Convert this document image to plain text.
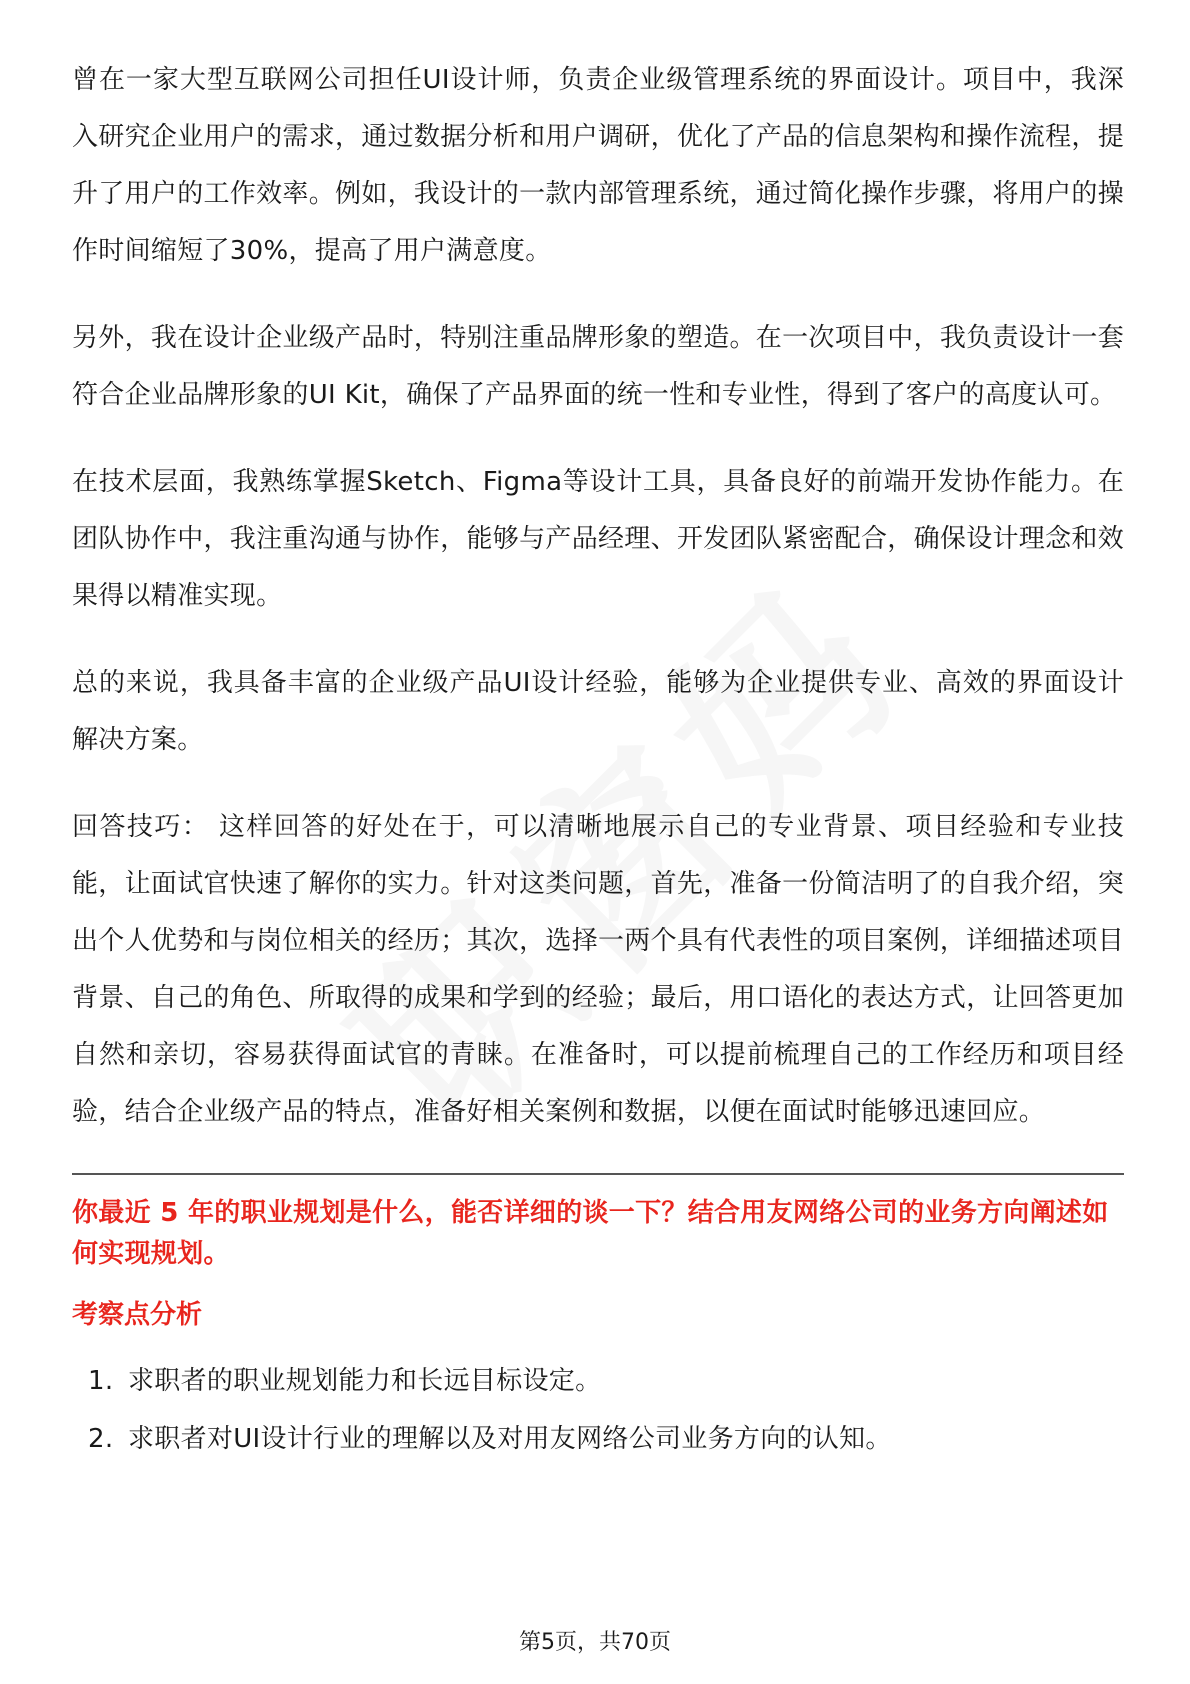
曾在一家大型互联网公司担任UI设计师，负责企业级管理系统的界面设计。项目中，我深入研究企业用户的需求，通过数据分析和用户调研，优化了产品的信息架构和操作流程，提升了用户的工作效率。例如，我设计的一款内部管理系统，通过简化操作步骤，将用户的操作时间缩短了30%，提高了用户满意度。

另外，我在设计企业级产品时，特别注重品牌形象的塑造。在一次项目中，我负责设计一套符合企业品牌形象的UI Kit，确保了产品界面的统一性和专业性，得到了客户的高度认可。

在技术层面，我熟练掌握Sketch、Figma等设计工具，具备良好的前端开发协作能力。在团队协作中，我注重沟通与协作，能够与产品经理、开发团队紧密配合，确保设计理念和效果得以精准实现。

总的来说，我具备丰富的企业级产品UI设计经验，能够为企业提供专业、高效的界面设计解决方案。

回答技巧： 这样回答的好处在于，可以清晰地展示自己的专业背景、项目经验和专业技能，让面试官快速了解你的实力。针对这类问题，首先，准备一份简洁明了的自我介绍，突出个人优势和与岗位相关的经历；其次，选择一两个具有代表性的项目案例，详细描述项目背景、自己的角色、所取得的成果和学到的经验；最后，用口语化的表达方式，让回答更加自然和亲切，容易获得面试官的青睐。在准备时，可以提前梳理自己的工作经历和项目经验，结合企业级产品的特点，准备好相关案例和数据，以便在面试时能够迅速回应。

你最近 5 年的职业规划是什么，能否详细的谈一下？结合用友网络公司的业务方向阐述如何实现规划。
考察点分析
1. 求职者的职业规划能力和长远目标设定。
2. 求职者对UI设计行业的理解以及对用友网络公司业务方向的认知。
第5页，共70页
